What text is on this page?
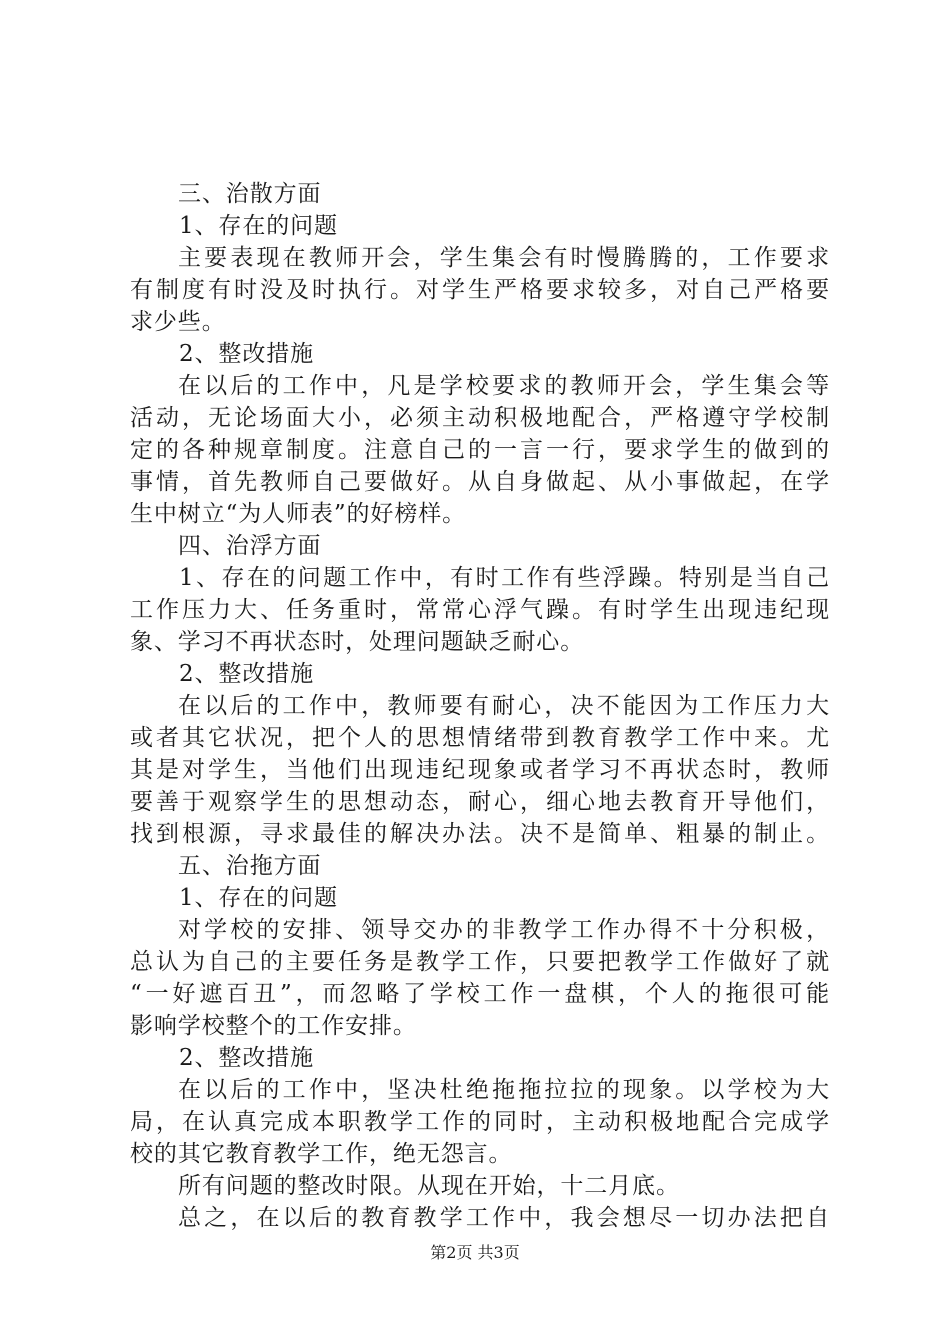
三、治散方面
1、存在的问题
主要表现在教师开会，学生集会有时慢腾腾的，工作要求
有制度有时没及时执行。对学生严格要求较多，对自己严格要
求少些。
2、整改措施
在以后的工作中，凡是学校要求的教师开会，学生集会等
活动，无论场面大小，必须主动积极地配合，严格遵守学校制
定的各种规章制度。注意自己的一言一行，要求学生的做到的
事情，首先教师自己要做好。从自身做起、从小事做起，在学
生中树立“为人师表”的好榜样。
四、治浮方面
1、存在的问题工作中，有时工作有些浮躁。特别是当自己
工作压力大、任务重时，常常心浮气躁。有时学生出现违纪现
象、学习不再状态时，处理问题缺乏耐心。
2、整改措施
在以后的工作中，教师要有耐心，决不能因为工作压力大
或者其它状况，把个人的思想情绪带到教育教学工作中来。尤
其是对学生，当他们出现违纪现象或者学习不再状态时，教师
要善于观察学生的思想动态，耐心，细心地去教育开导他们，
找到根源，寻求最佳的解决办法。决不是简单、粗暴的制止。
五、治拖方面
1、存在的问题
对学校的安排、领导交办的非教学工作办得不十分积极，
总认为自己的主要任务是教学工作，只要把教学工作做好了就
“一好遮百丑”，而忽略了学校工作一盘棋，个人的拖很可能
影响学校整个的工作安排。
2、整改措施
在以后的工作中，坚决杜绝拖拖拉拉的现象。以学校为大
局，在认真完成本职教学工作的同时，主动积极地配合完成学
校的其它教育教学工作，绝无怨言。
所有问题的整改时限。从现在开始，十二月底。
总之，在以后的教育教学工作中，我会想尽一切办法把自
第2页 共3页
